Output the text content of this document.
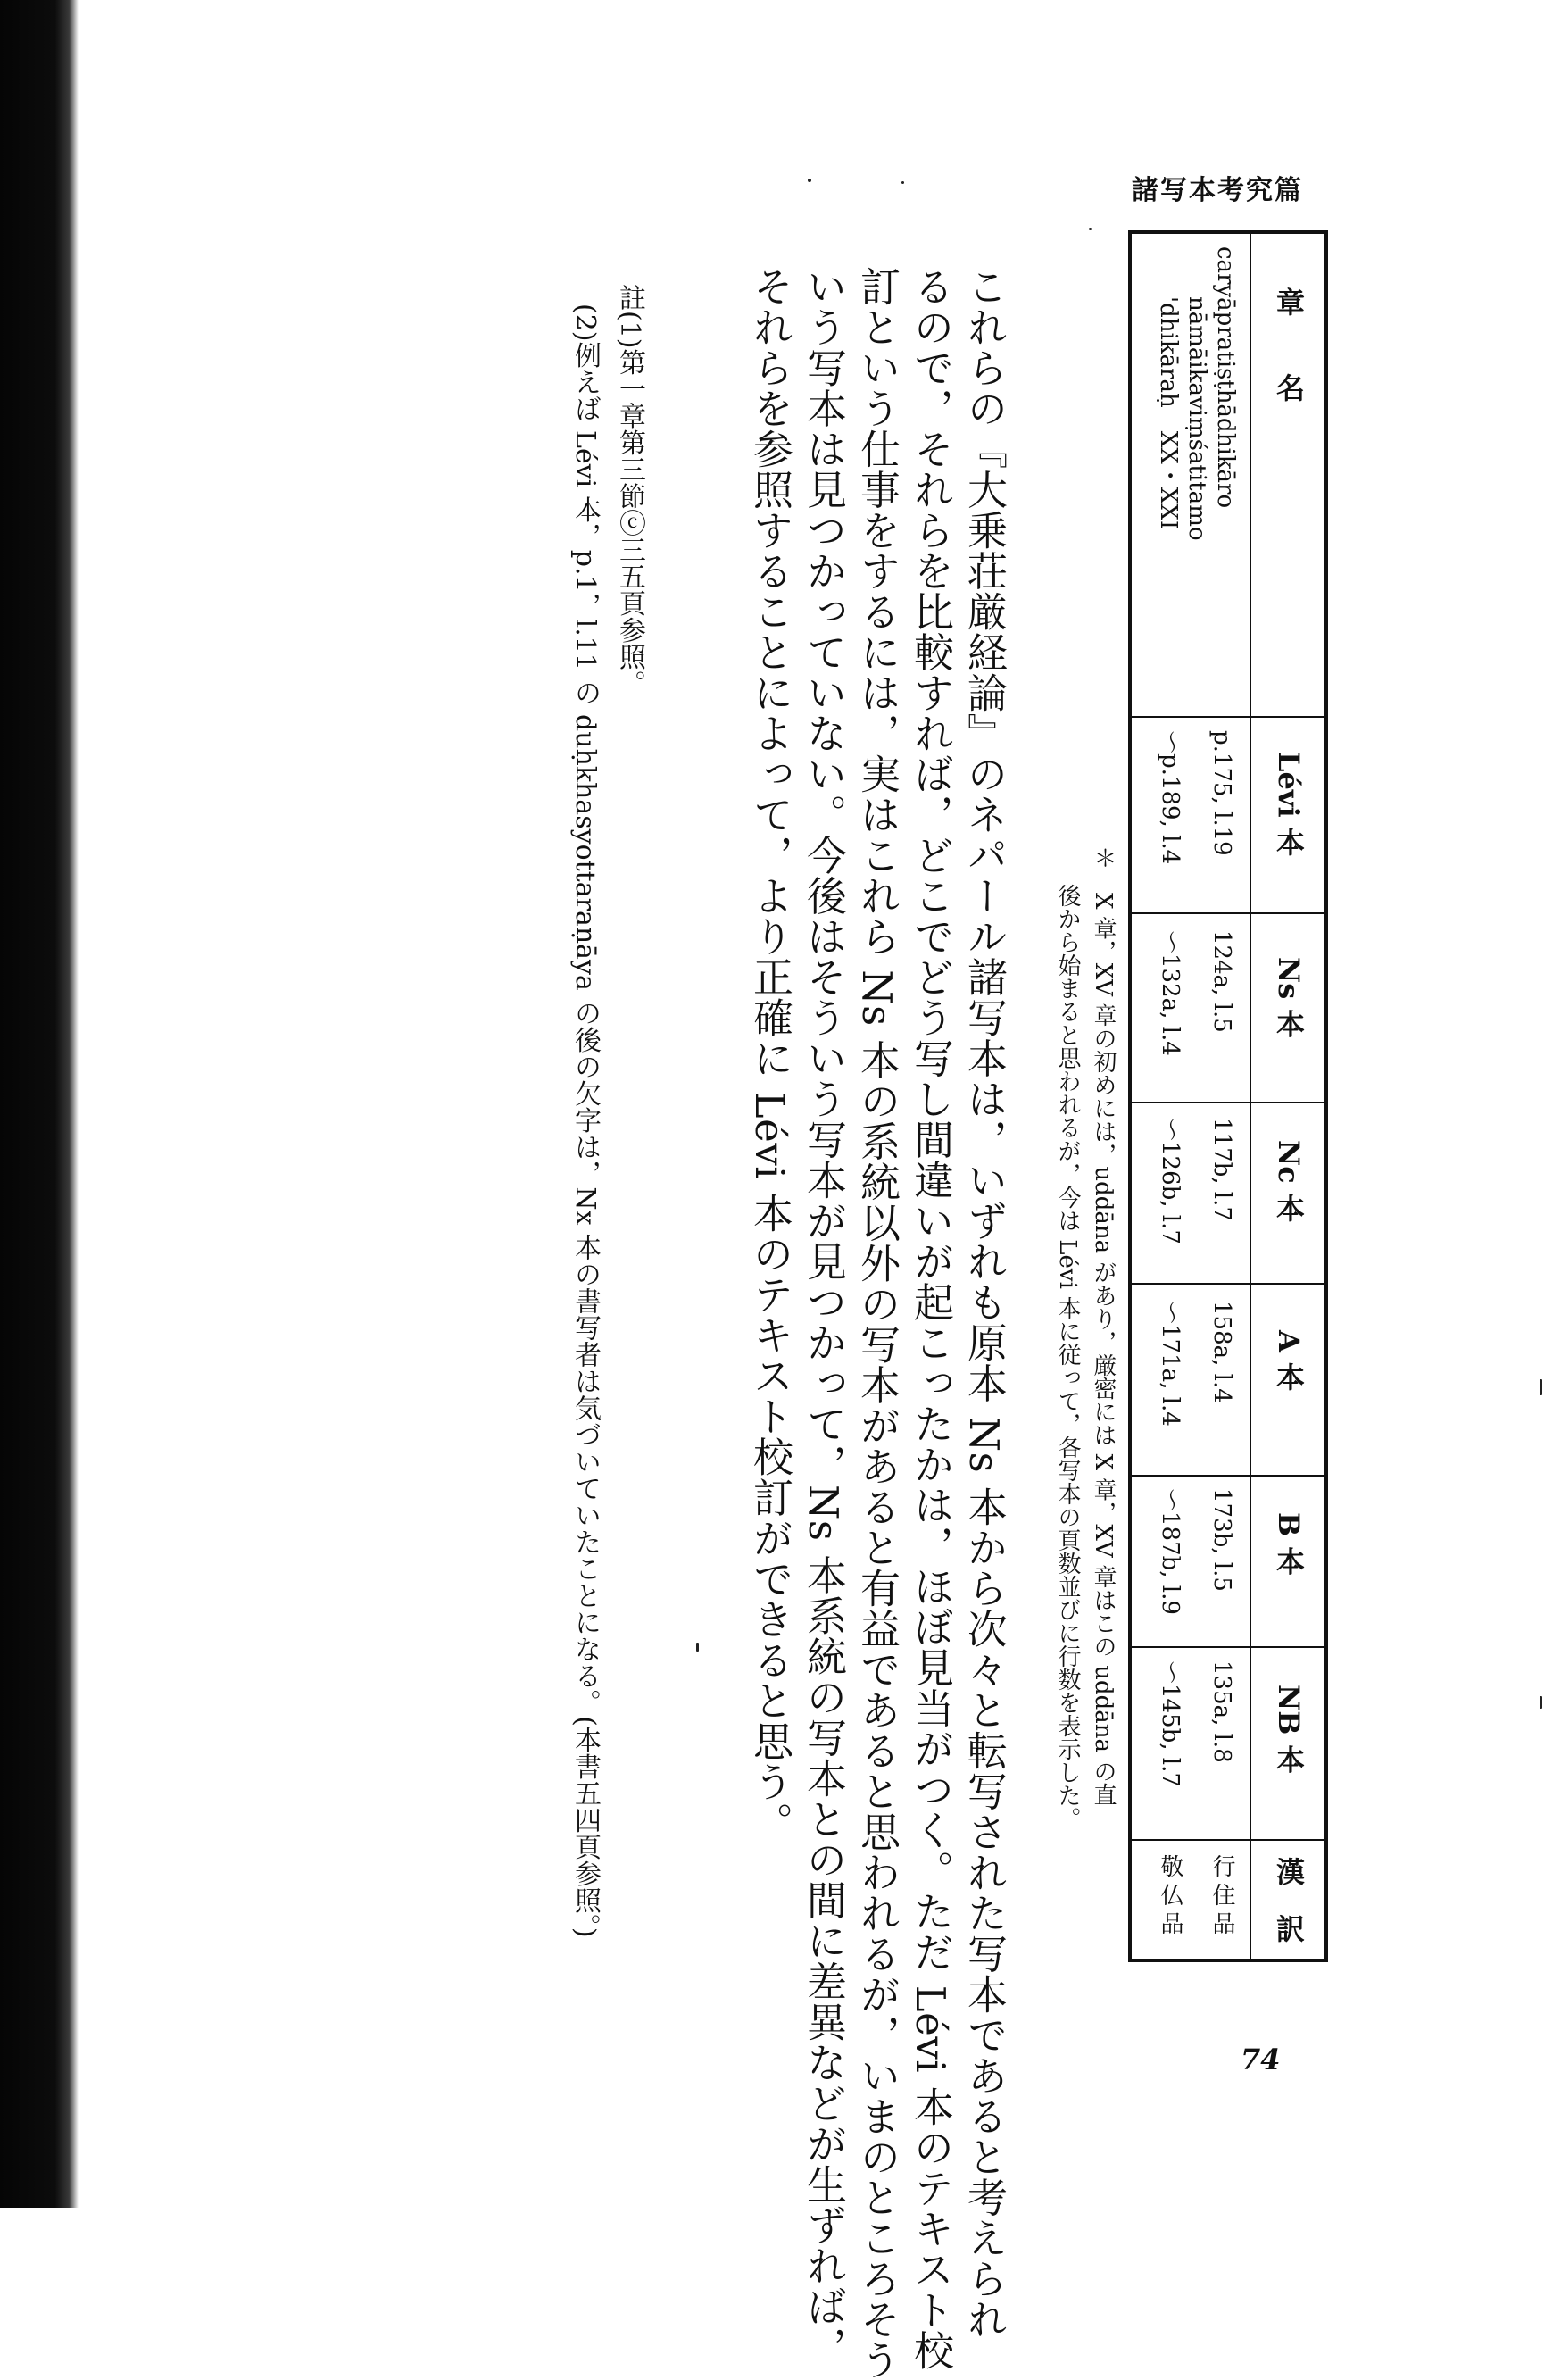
諸写本考究篇
章　　名
Lévi 本
Ns 本
Nc 本
A 本
B 本
NB 本
漢　訳
caryāpratiṣṭhādhikāro
nāmāikaviṃśatitamo
'dhikāraḥ　XX・XXI
p.175, l.19
～p.189, l.4
124a, l.5
～132a, l.4
117b, l.7
～126b, l.7
158a, l.4
～171a, l.4
173b, l.5
～187b, l.9
135a, l.8
～145b, l.7
行住品
敬仏品
＊　X 章，XV 章の初めには，uddāna があり，厳密には X 章，XV 章はこの uddāna の直
後から始まると思われるが，今は Lévi 本に従って，各写本の頁数並びに行数を表示した。
これらの『大乗荘厳経論』のネパール諸写本は，いずれも原本 Ns 本から次々と転写された写本であると考えられ
るので，それらを比較すれば，どこでどう写し間違いが起こったかは，ほぼ見当がつく。ただ Lévi 本のテキスト校
訂という仕事をするには，実はこれら Ns 本の系統以外の写本があると有益であると思われるが，いまのところそう
いう写本は見つかっていない。今後はそういう写本が見つかって，Ns 本系統の写本との間に差異などが生ずれば，
それらを参照することによって，より正確に Lévi 本のテキスト校訂ができると思う。
註(1)第一章第三節ⓒ三五頁参照。
(2)例えば Lévi 本，p.1，l.11 の duḥkhasyottaraṇāya の後の欠字は，Nx 本の書写者は気づいていたことになる。(本書五四頁参照。)
74
